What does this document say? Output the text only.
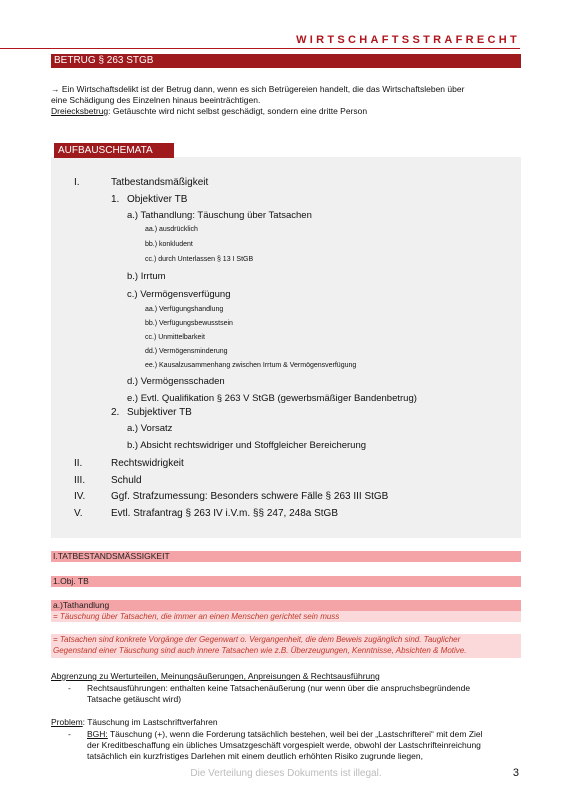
WIRTSCHAFTSSTRAFRECHT
BETRUG § 263 STGB
→ Ein Wirtschaftsdelikt ist der Betrug dann, wenn es sich Betrügereien handelt, die das Wirtschaftsleben über
eine Schädigung des Einzelnen hinaus beeinträchtigen.
Dreiecksbetrug: Getäuschte wird nicht selbst geschädigt, sondern eine dritte Person
AUFBAUSCHEMATA
I.	Tatbestandsmäßigkeit
1. Objektiver TB
a.) Tathandlung: Täuschung über Tatsachen
aa.) ausdrücklich
bb.) konkludent
cc.) durch Unterlassen § 13 I StGB
b.) Irrtum
c.) Vermögensverfügung
aa.) Verfügungshandlung
bb.) Verfügungsbewusstsein
cc.) Unmittelbarkeit
dd.) Vermögensminderung
ee.) Kausalzusammenhang zwischen Irrtum & Vermögensverfügung
d.) Vermögensschaden
e.) Evtl. Qualifikation § 263 V StGB (gewerbsmäßiger Bandenbetrug)
2. Subjektiver TB
a.) Vorsatz
b.) Absicht rechtswidriger und Stoffgleicher Bereicherung
II.	Rechtswidrigkeit
III.	Schuld
IV.	Ggf. Strafzumessung: Besonders schwere Fälle § 263 III StGB
V.	Evtl. Strafantrag § 263 IV i.V.m. §§ 247, 248a StGB
I.TATBESTANDSMÄSSIGKEIT
1.Obj. TB
a.)Tathandlung
= Täuschung über Tatsachen, die immer an einen Menschen gerichtet sein muss
= Tatsachen sind konkrete Vorgänge der Gegenwart o. Vergangenheit, die dem Beweis zugänglich sind. Tauglicher
Gegenstand einer Täuschung sind auch innere Tatsachen wie z.B. Überzeugungen, Kenntnisse, Absichten & Motive.
Abgrenzung zu Werturteilen, Meinungsäußerungen, Anpreisungen & Rechtsausführung
- Rechtsausführungen: enthalten keine Tatsachenäußerung (nur wenn über die anspruchsbegründende
Tatsache getäuscht wird)
Problem: Täuschung im Lastschriftverfahren
- BGH: Täuschung (+), wenn die Forderung tatsächlich bestehen, weil bei der „Lastschrifterei“ mit dem Ziel
der Kreditbeschaffung ein übliches Umsatzgeschäft vorgespielt werde, obwohl der Lastschrifteinreichung
tatsächlich ein kurzfristiges Darlehen mit einem deutlich erhöhten Risiko zugrunde liegen,
Die Verteilung dieses Dokuments ist illegal.	3
